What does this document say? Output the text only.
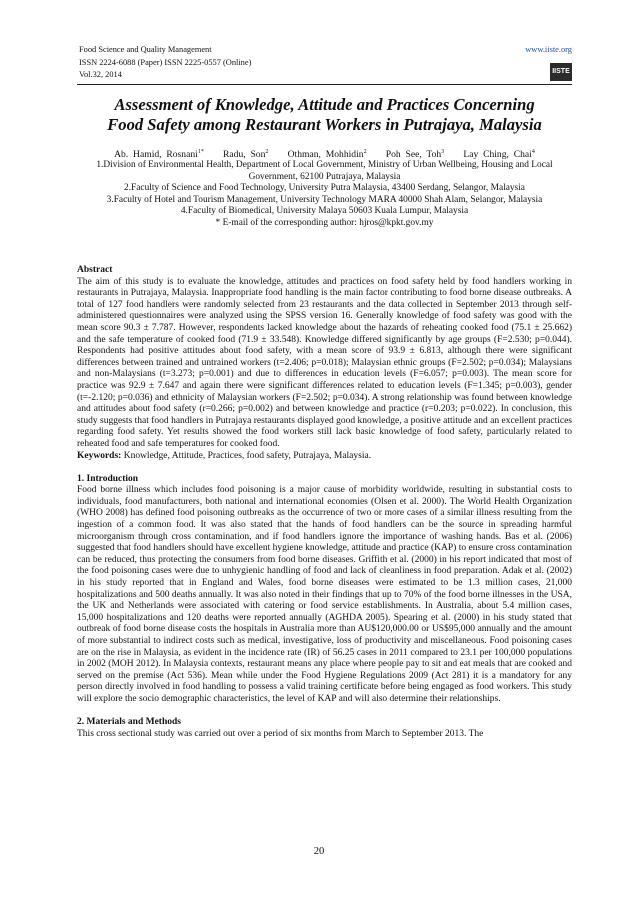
Food Science and Quality Management
ISSN 2224-6088 (Paper) ISSN 2225-0557 (Online)
Vol.32, 2014
www.iiste.org
IISTE
Assessment of Knowledge, Attitude and Practices Concerning
Food Safety among Restaurant Workers in Putrajaya, Malaysia
Ab. Hamid, Rosnani$^{1*}$ Radu, Son$^2$ Othman, Mohhidin$^2$ Poh See, Toh$^3$ Lay Ching, Chai$^4$
1.Division of Environmental Health, Department of Local Government, Ministry of Urban Wellbeing, Housing and Local Government, 62100 Putrajaya, Malaysia
2.Faculty of Science and Food Technology, University Putra Malaysia, 43400 Serdang, Selangor, Malaysia
3.Faculty of Hotel and Tourism Management, University Technology MARA 40000 Shah Alam, Selangor, Malaysia
4.Faculty of Biomedical, University Malaya 50603 Kuala Lumpur, Malaysia
* E-mail of the corresponding author: hjros@kpkt.gov.my

Abstract

The aim of this study is to evaluate the knowledge, attitudes and practices on food safety held by food handlers working in restaurants in Putrajaya, Malaysia. Inappropriate food handling is the main factor contributing to food borne disease outbreaks. A total of 127 food handlers were randomly selected from 23 restaurants and the data collected in September 2013 through self-administered questionnaires were analyzed using the SPSS version 16. Generally knowledge of food safety was good with the mean score 90.3 ± 7.787. However, respondents lacked knowledge about the hazards of reheating cooked food (75.1 ± 25.662) and the safe temperature of cooked food (71.9 ± 33.548). Knowledge differed significantly by age groups (F=2.530; p=0.044). Respondents had positive attitudes about food safety, with a mean score of 93.9 ± 6.813, although there were significant differences between trained and untrained workers (t=2.406; p=0.018); Malaysian ethnic groups (F=2.502; p=0.034); Malaysians and non-Malaysians (t=3.273; p=0.001) and due to differences in education levels (F=6.057; p=0.003). The mean score for practice was 92.9 ± 7.647 and again there were significant differences related to education levels (F=1.345; p=0.003), gender (t=-2.120; p=0.036) and ethnicity of Malaysian workers (F=2.502; p=0.034). A strong relationship was found between knowledge and attitudes about food safety (r=0.266; p=0.002) and between knowledge and practice (r=0.203; p=0.022). In conclusion, this study suggests that food handlers in Putrajaya restaurants displayed good knowledge, a positive attitude and an excellent practices regarding food safety. Yet results showed the food workers still lack basic knowledge of food safety, particularly related to reheated food and safe temperatures for cooked food.

Keywords: Knowledge, Attitude, Practices, food safety, Putrajaya, Malaysia.

1. Introduction

Food borne illness which includes food poisoning is a major cause of morbidity worldwide, resulting in substantial costs to individuals, food manufacturers, both national and international economies (Olsen et al. 2000). The World Health Organization (WHO 2008) has defined food poisoning outbreaks as the occurrence of two or more cases of a similar illness resulting from the ingestion of a common food. It was also stated that the hands of food handlers can be the source in spreading harmful microorganism through cross contamination, and if food handlers ignore the importance of washing hands. Bas et al. (2006) suggested that food handlers should have excellent hygiene knowledge, attitude and practice (KAP) to ensure cross contamination can be reduced, thus protecting the consumers from food borne diseases. Griffith et al. (2000) in his report indicated that most of the food poisoning cases were due to unhygienic handling of food and lack of cleanliness in food preparation. Adak et al. (2002) in his study reported that in England and Wales, food borne diseases were estimated to be 1.3 million cases, 21,000 hospitalizations and 500 deaths annually. It was also noted in their findings that up to 70% of the food borne illnesses in the USA, the UK and Netherlands were associated with catering or food service establishments. In Australia, about 5.4 million cases, 15,000 hospitalizations and 120 deaths were reported annually (AGHDA 2005). Spearing et al. (2000) in his study stated that outbreak of food borne disease costs the hospitals in Australia more than AU$120,000.00 or US$95,000 annually and the amount of more substantial to indirect costs such as medical, investigative, loss of productivity and miscellaneous. Food poisoning cases are on the rise in Malaysia, as evident in the incidence rate (IR) of 56.25 cases in 2011 compared to 23.1 per 100,000 populations in 2002 (MOH 2012). In Malaysia contexts, restaurant means any place where people pay to sit and eat meals that are cooked and served on the premise (Act 536). Mean while under the Food Hygiene Regulations 2009 (Act 281) it is a mandatory for any person directly involved in food handling to possess a valid training certificate before being engaged as food workers. This study will explore the socio demographic characteristics, the level of KAP and will also determine their relationships.

2. Materials and Methods

This cross sectional study was carried out over a period of six months from March to September 2013. The

20
